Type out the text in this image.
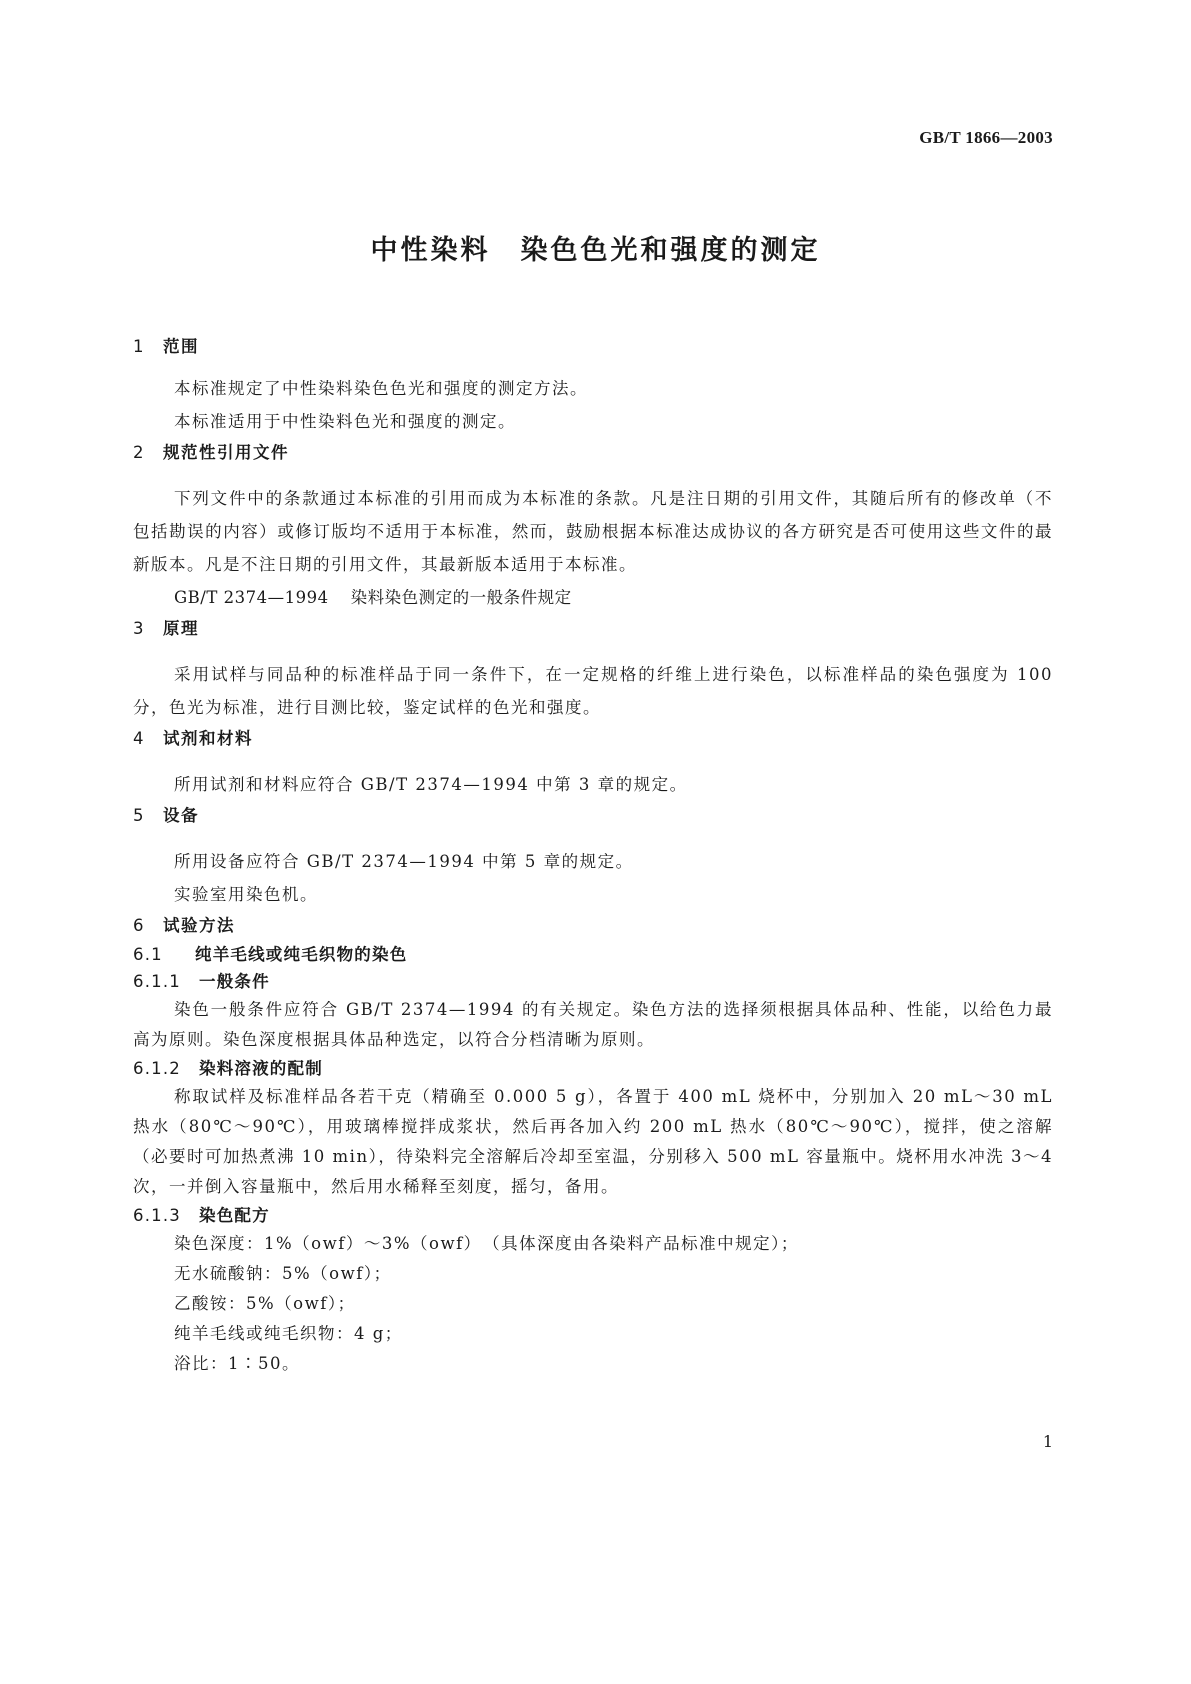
GB/T 1866—2003
中性染料 染色色光和强度的测定
1 范围

本标准规定了中性染料染色色光和强度的测定方法。

本标准适用于中性染料色光和强度的测定。

2 规范性引用文件

下列文件中的条款通过本标准的引用而成为本标准的条款。凡是注日期的引用文件，其随后所有的修改单（不包括勘误的内容）或修订版均不适用于本标准，然而，鼓励根据本标准达成协议的各方研究是否可使用这些文件的最新版本。凡是不注日期的引用文件，其最新版本适用于本标准。

GB/T 2374—1994 染料染色测定的一般条件规定

3 原理

采用试样与同品种的标准样品于同一条件下，在一定规格的纤维上进行染色，以标准样品的染色强度为 100 分，色光为标准，进行目测比较，鉴定试样的色光和强度。

4 试剂和材料

所用试剂和材料应符合 GB/T 2374—1994 中第 3 章的规定。

5 设备

所用设备应符合 GB/T 2374—1994 中第 5 章的规定。

实验室用染色机。

6 试验方法
6.1 纯羊毛线或纯毛织物的染色
6.1.1 一般条件

染色一般条件应符合 GB/T 2374—1994 的有关规定。染色方法的选择须根据具体品种、性能，以给色力最高为原则。染色深度根据具体品种选定，以符合分档清晰为原则。

6.1.2 染料溶液的配制

称取试样及标准样品各若干克（精确至 0.000 5 g），各置于 400 mL 烧杯中，分别加入 20 mL～30 mL热水（80℃～90℃），用玻璃棒搅拌成浆状，然后再各加入约 200 mL 热水（80℃～90℃），搅拌，使之溶解（必要时可加热煮沸 10 min），待染料完全溶解后冷却至室温，分别移入 500 mL 容量瓶中。烧杯用水冲洗 3～4 次，一并倒入容量瓶中，然后用水稀释至刻度，摇匀，备用。

6.1.3 染色配方

染色深度：1%（owf）～3%（owf）　（具体深度由各染料产品标准中规定）；

无水硫酸钠：5%（owf）；

乙酸铵：5%（owf）；

纯羊毛线或纯毛织物：4 g；

浴比：1∶50。

1
